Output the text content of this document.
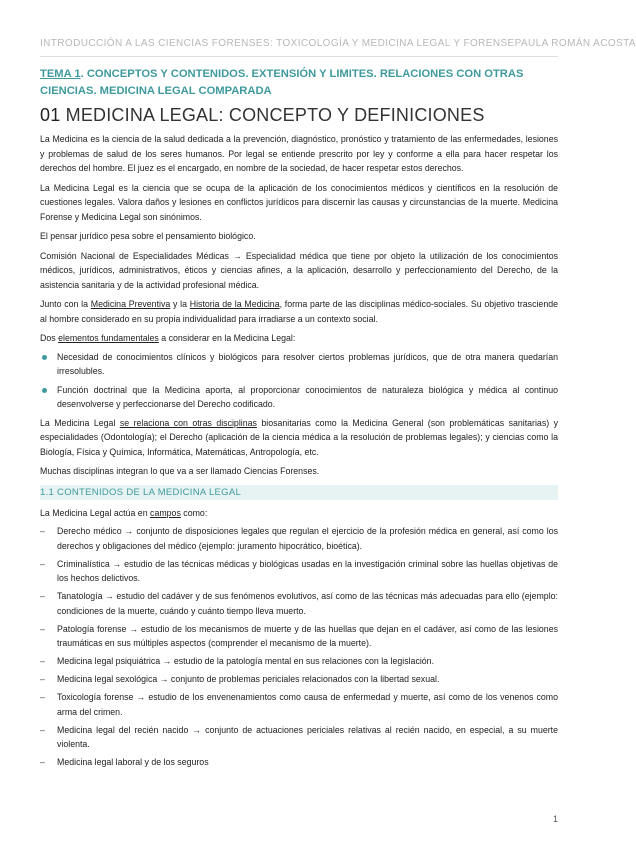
INTRODUCCIÓN A LAS CIENCIAS FORENSES: TOXICOLOGÍA Y MEDICINA LEGAL Y FORENSE PAULA ROMÁN ACOSTA
TEMA 1. CONCEPTOS Y CONTENIDOS. EXTENSIÓN Y LIMITES. RELACIONES CON OTRAS CIENCIAS. MEDICINA LEGAL COMPARADA
01 MEDICINA LEGAL: CONCEPTO Y DEFINICIONES

La Medicina es la ciencia de la salud dedicada a la prevención, diagnóstico, pronóstico y tratamiento de las enfermedades, lesiones y problemas de salud de los seres humanos. Por legal se entiende prescrito por ley y conforme a ella para hacer respetar los derechos del hombre. El juez es el encargado, en nombre de la sociedad, de hacer respetar estos derechos.

La Medicina Legal es la ciencia que se ocupa de la aplicación de los conocimientos médicos y científicos en la resolución de cuestiones legales. Valora daños y lesiones en conflictos jurídicos para discernir las causas y circunstancias de la muerte. Medicina Forense y Medicina Legal son sinónimos.

El pensar jurídico pesa sobre el pensamiento biológico.

Comisión Nacional de Especialidades Médicas → Especialidad médica que tiene por objeto la utilización de los conocimientos médicos, jurídicos, administrativos, éticos y ciencias afines, a la aplicación, desarrollo y perfeccionamiento del Derecho, de la asistencia sanitaria y de la actividad profesional médica.

Junto con la Medicina Preventiva y la Historia de la Medicina, forma parte de las disciplinas médico-sociales. Su objetivo trasciende al hombre considerado en su propia individualidad para irradiarse a un contexto social.

Dos elementos fundamentales a considerar en la Medicina Legal:

Necesidad de conocimientos clínicos y biológicos para resolver ciertos problemas jurídicos, que de otra manera quedarían irresolubles.
Función doctrinal que la Medicina aporta, al proporcionar conocimientos de naturaleza biológica y médica al continuo desenvolverse y perfeccionarse del Derecho codificado.

La Medicina Legal se relaciona con otras disciplinas biosanitarias como la Medicina General (son problemáticas sanitarias) y especialidades (Odontología); el Derecho (aplicación de la ciencia médica a la resolución de problemas legales); y ciencias como la Biología, Física y Química, Informática, Matemáticas, Antropología, etc.

Muchas disciplinas integran lo que va a ser llamado Ciencias Forenses.

1.1 CONTENIDOS DE LA MEDICINA LEGAL

La Medicina Legal actúa en campos como:

– Derecho médico → conjunto de disposiciones legales que regulan el ejercicio de la profesión médica en general, así como los derechos y obligaciones del médico (ejemplo: juramento hipocrático, bioética).
– Criminalística → estudio de las técnicas médicas y biológicas usadas en la investigación criminal sobre las huellas objetivas de los hechos delictivos.
– Tanatología → estudio del cadáver y de sus fenómenos evolutivos, así como de las técnicas más adecuadas para ello (ejemplo: condiciones de la muerte, cuándo y cuánto tiempo lleva muerto.
– Patología forense → estudio de los mecanismos de muerte y de las huellas que dejan en el cadáver, así como de las lesiones traumáticas en sus múltiples aspectos (comprender el mecanismo de la muerte).
– Medicina legal psiquiátrica → estudio de la patología mental en sus relaciones con la legislación.
– Medicina legal sexológica → conjunto de problemas periciales relacionados con la libertad sexual.
– Toxicología forense → estudio de los envenenamientos como causa de enfermedad y muerte, así como de los venenos como arma del crimen.
– Medicina legal del recién nacido → conjunto de actuaciones periciales relativas al recién nacido, en especial, a su muerte violenta.
– Medicina legal laboral y de los seguros
1
